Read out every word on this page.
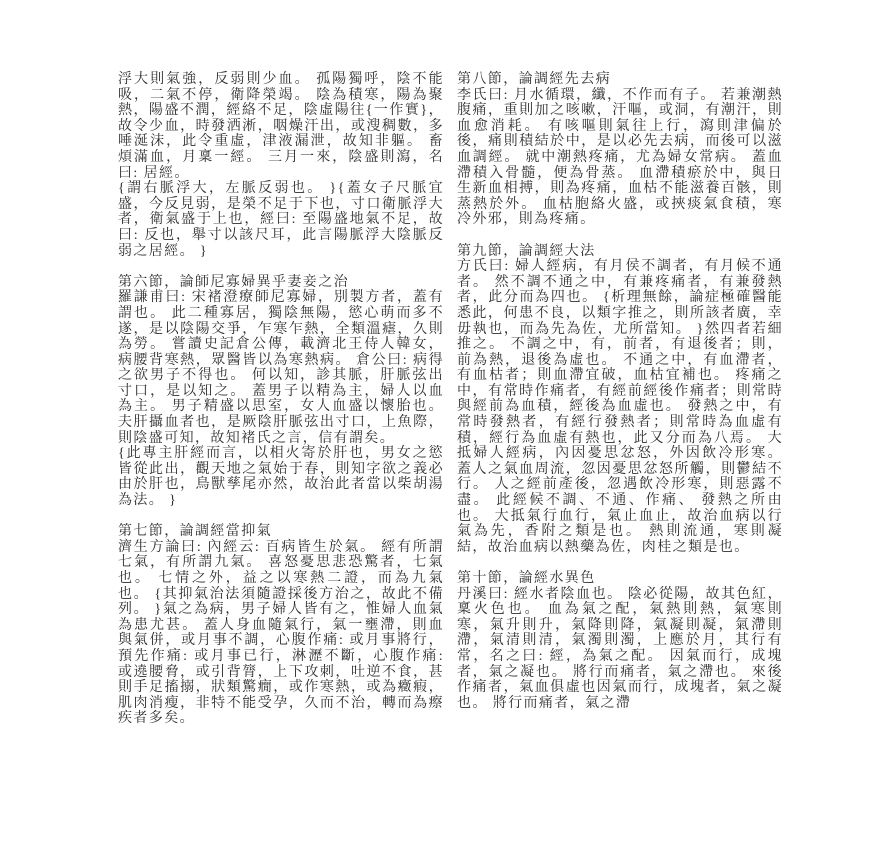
浮大則氣強，反弱則少血。 孤陽獨呼，陰不能吸，二氣不停，衛降榮竭。 陰為積寒，陽為聚熱，陽盛不潤，經絡不足，陰虛陽往{一作實}，故令少血，時發洒淅，咽燥汗出，或溲稠數，多唾涎沫，此令重虛，津液漏泄，故知非軀。 畜煩滿血，月稟一經。 三月一來，陰盛則瀉，名曰: 居經。

{謂右脈浮大，左脈反弱也。 }{蓋女子尺脈宜盛，今反見弱，是榮不足于下也，寸口衛脈浮大者，衛氣盛于上也，經曰: 至陽盛地氣不足，故曰: 反也，舉寸以該尺耳，此言陽脈浮大陰脈反弱之居經。 }

第六節，論師尼寡婦異乎妻妾之治

羅謙甫曰: 宋褚澄療師尼寡婦，別製方者，蓋有謂也。 此二種寡居，獨陰無陽，慾心萌而多不遂，是以陰陽交爭，乍寒乍熱，全類溫瘧，久則為勞。 嘗讀史記倉公傳，載濟北王侍人韓女，病腰背寒熱，眾醫皆以為寒熱病。 倉公曰: 病得之欲男子不得也。 何以知，診其脈，肝脈弦出寸口，是以知之。 蓋男子以精為主，婦人以血為主。 男子精盛以思室，女人血盛以懷胎也。 夫肝攝血者也，是厥陰肝脈弦出寸口，上魚際，則陰盛可知，故知褚氏之言，信有謂矣。

{此專主肝經而言，以相火寄於肝也，男女之慾皆從此出，觀天地之氣始于春，則知字欲之義必由於肝也，鳥獸孳尾亦然，故治此者當以柴胡湯為法。 }

第七節，論調經當抑氣

濟生方論曰: 內經云: 百病皆生於氣。 經有所謂七氣，有所謂九氣。 喜怒憂思悲恐驚者，七氣也。 七情之外，益之以寒熱二證，而為九氣也。 {其抑氣治法須隨證採後方治之，故此不備列。 }氣之為病，男子婦人皆有之，惟婦人血氣為患尤甚。 蓋人身血隨氣行，氣一壅滯，則血與氣併，或月事不調，心腹作痛: 或月事將行，預先作痛: 或月事已行，淋瀝不斷，心腹作痛: 或遶腰脅，或引背膂，上下攻刺，吐逆不食，甚則手足搐搦，狀類驚癇，或作寒熱，或為癥瘕，肌肉消瘦，非特不能受孕，久而不治，轉而為瘵疾者多矣。

第八節，論調經先去病

李氏曰: 月水循環，纖，不作而有子。 若兼潮熱腹痛，重則加之咳嗽，汗嘔，或洞，有潮汗，則血愈消耗。 有咳嘔則氣往上行，瀉則津偏於後，痛則積結於中，是以必先去病，而後可以滋血調經。 就中潮熱疼痛，尤為婦女常病。 蓋血滯積入骨髓，便為骨蒸。 血滯積瘀於中，與日生新血相搏，則為疼痛，血枯不能滋養百骸，則蒸熱於外。 血枯胞絡火盛，或挾痰氣食積，寒冷外邪，則為疼痛。

第九節，論調經大法

方氏曰: 婦人經病，有月侯不調者，有月候不通者。 然不調不通之中，有兼疼痛者，有兼發熱者，此分而為四也。 {析理無餘，論症極確醫能悉此，何患不良，以類字推之，則所該者廣，幸毋執也，而為先為佐，尤所當知。 }然四者若細推之。 不調之中，有，前者，有退後者；則，前為熱，退後為虛也。 不通之中，有血滯者，有血枯者；則血滯宜破，血枯宜補也。 疼痛之中，有常時作痛者，有經前經後作痛者；則常時與經前為血積，經後為血虛也。 發熱之中，有常時發熱者，有經行發熱者；則常時為血虛有積，經行為血虛有熱也，此又分而為八焉。 大抵婦人經病，內因憂思忿怒，外因飲冷形寒。 蓋人之氣血周流，忽因憂思忿怒所觸，則鬱結不行。 人之經前產後，忽遇飲冷形寒，則惡露不盡。 此經候不調、不通、作痛、 發熱之所由也。 大抵氣行血行，氣止血止，故治血病以行氣為先，香附之類是也。 熱則流通，寒則凝結，故治血病以熱藥為佐，肉桂之類是也。

第十節，論經水異色

丹溪曰: 經水者陰血也。 陰必從陽，故其色紅，稟火色也。 血為氣之配，氣熱則熱，氣寒則寒，氣升則升，氣降則降，氣凝則凝，氣滯則滯，氣清則清，氣濁則濁，上應於月，其行有常，名之曰: 經，為氣之配。 因氣而行，成塊者，氣之凝也。 將行而痛者，氣之滯也。 來後作痛者，氣血俱虛也因氣而行，成塊者，氣之凝也。 將行而痛者，氣之滯
